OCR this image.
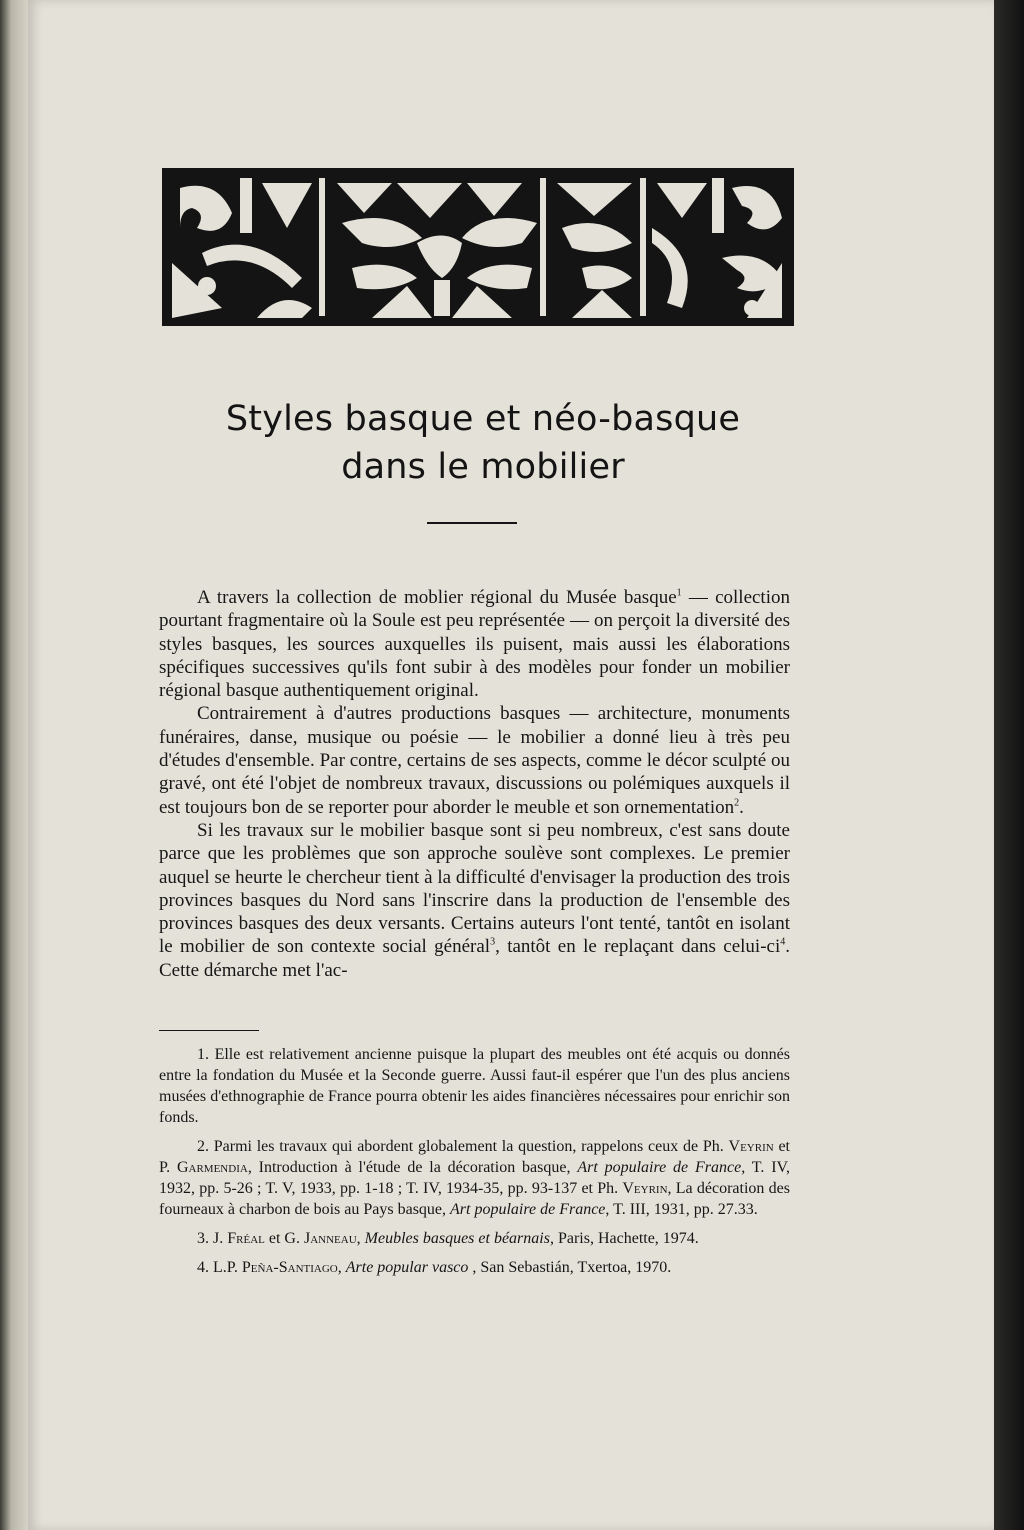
Styles basque et néo-basque
dans le mobilier

A travers la collection de moblier régional du Musée basque$^1$ — collection pourtant fragmentaire où la Soule est peu représentée — on perçoit la diversité des styles basques, les sources auxquelles ils puisent, mais aussi les élaborations spécifiques successives qu'ils font subir à des modèles pour fonder un mobilier régional basque authentiquement original.

Contrairement à d'autres productions basques — architecture, monuments funéraires, danse, musique ou poésie — le mobilier a donné lieu à très peu d'études d'ensemble. Par contre, certains de ses aspects, comme le décor sculpté ou gravé, ont été l'objet de nombreux travaux, discussions ou polémiques auxquels il est toujours bon de se reporter pour aborder le meuble et son ornementation$^2$.

Si les travaux sur le mobilier basque sont si peu nombreux, c'est sans doute parce que les problèmes que son approche soulève sont complexes. Le premier auquel se heurte le chercheur tient à la difficulté d'envisager la production des trois provinces basques du Nord sans l'inscrire dans la production de l'ensemble des provinces basques des deux versants. Certains auteurs l'ont tenté, tantôt en isolant le mobilier de son contexte social général$^3$, tantôt en le replaçant dans celui-$ci^4$. Cette démarche met l'ac-

1. Elle est relativement ancienne puisque la plupart des meubles ont été acquis ou donnés entre la fondation du Musée et la Seconde guerre. Aussi faut-il espérer que l'un des plus anciens musées d'ethnographie de France pourra obtenir les aides financières nécessaires pour enrichir son fonds.

2. Parmi les travaux qui abordent globalement la question, rappelons ceux de Ph. Veyrin et P. Garmendia, Introduction à l'étude de la décoration basque, Art populaire de France, T. IV, 1932, pp. 5-26 ; T. V, 1933, pp. 1-18 ; T. IV, 1934-35, pp. 93-137 et Ph. Veyrin, La décoration des fourneaux à charbon de bois au Pays basque, Art populaire de France, T. III, 1931, pp. 27.33.

3. J. Fréal et G. Janneau, Meubles basques et béarnais, Paris, Hachette, 1974.

4. L.P. Peña-Santiago, Arte popular vasco , San Sebastián, Txertoa, 1970.
